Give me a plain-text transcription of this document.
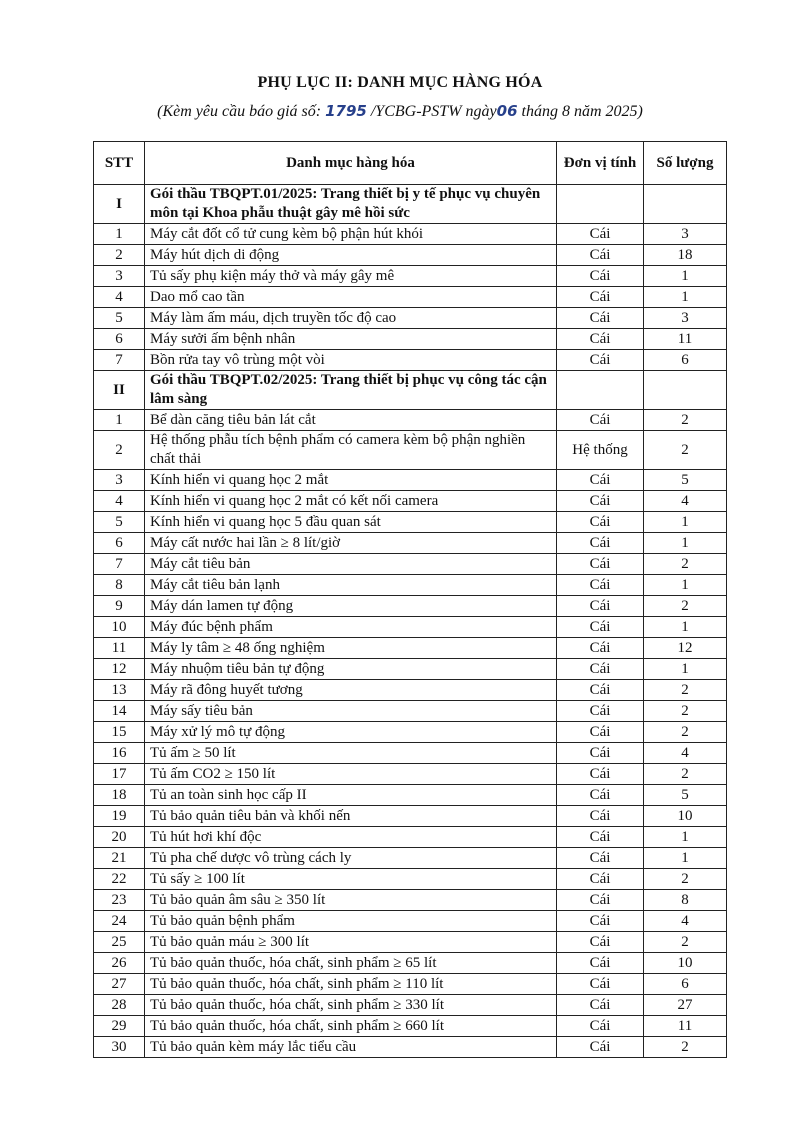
PHỤ LỤC II: DANH MỤC HÀNG HÓA
(Kèm yêu cầu báo giá số: 1795 /YCBG-PSTW ngày06 tháng 8 năm 2025)
STT	Danh mục hàng hóa	Đơn vị tính	Số lượng
I	Gói thầu TBQPT.01/2025: Trang thiết bị y tế phục vụ chuyên môn tại Khoa phẫu thuật gây mê hồi sức		
1	Máy cắt đốt cổ tử cung kèm bộ phận hút khói	Cái	3
2	Máy hút dịch di động	Cái	18
3	Tủ sấy phụ kiện máy thở và máy gây mê	Cái	1
4	Dao mổ cao tần	Cái	1
5	Máy làm ấm máu, dịch truyền tốc độ cao	Cái	3
6	Máy sưởi ấm bệnh nhân	Cái	11
7	Bồn rửa tay vô trùng một vòi	Cái	6
II	Gói thầu TBQPT.02/2025: Trang thiết bị phục vụ công tác cận lâm sàng		
1	Bể dàn căng tiêu bản lát cắt	Cái	2
2	Hệ thống phẫu tích bệnh phẩm có camera kèm bộ phận nghiền chất thải	Hệ thống	2
3	Kính hiển vi quang học 2 mắt	Cái	5
4	Kính hiển vi quang học 2 mắt có kết nối camera	Cái	4
5	Kính hiển vi quang học 5 đầu quan sát	Cái	1
6	Máy cất nước hai lần ≥ 8 lít/giờ	Cái	1
7	Máy cắt tiêu bản	Cái	2
8	Máy cắt tiêu bản lạnh	Cái	1
9	Máy dán lamen tự động	Cái	2
10	Máy đúc bệnh phẩm	Cái	1
11	Máy ly tâm ≥ 48 ống nghiệm	Cái	12
12	Máy nhuộm tiêu bản tự động	Cái	1
13	Máy rã đông huyết tương	Cái	2
14	Máy sấy tiêu bản	Cái	2
15	Máy xử lý mô tự động	Cái	2
16	Tủ ấm ≥ 50 lít	Cái	4
17	Tủ ấm CO2 ≥ 150 lít	Cái	2
18	Tủ an toàn sinh học cấp II	Cái	5
19	Tủ bảo quản tiêu bản và khối nến	Cái	10
20	Tủ hút hơi khí độc	Cái	1
21	Tủ pha chế dược vô trùng cách ly	Cái	1
22	Tủ sấy ≥ 100 lít	Cái	2
23	Tủ bảo quản âm sâu ≥ 350 lít	Cái	8
24	Tủ bảo quản bệnh phẩm	Cái	4
25	Tủ bảo quản máu ≥ 300 lít	Cái	2
26	Tủ bảo quản thuốc, hóa chất, sinh phẩm ≥ 65 lít	Cái	10
27	Tủ bảo quản thuốc, hóa chất, sinh phẩm ≥ 110 lít	Cái	6
28	Tủ bảo quản thuốc, hóa chất, sinh phẩm ≥ 330 lít	Cái	27
29	Tủ bảo quản thuốc, hóa chất, sinh phẩm ≥ 660 lít	Cái	11
30	Tủ bảo quản kèm máy lắc tiểu cầu	Cái	2
